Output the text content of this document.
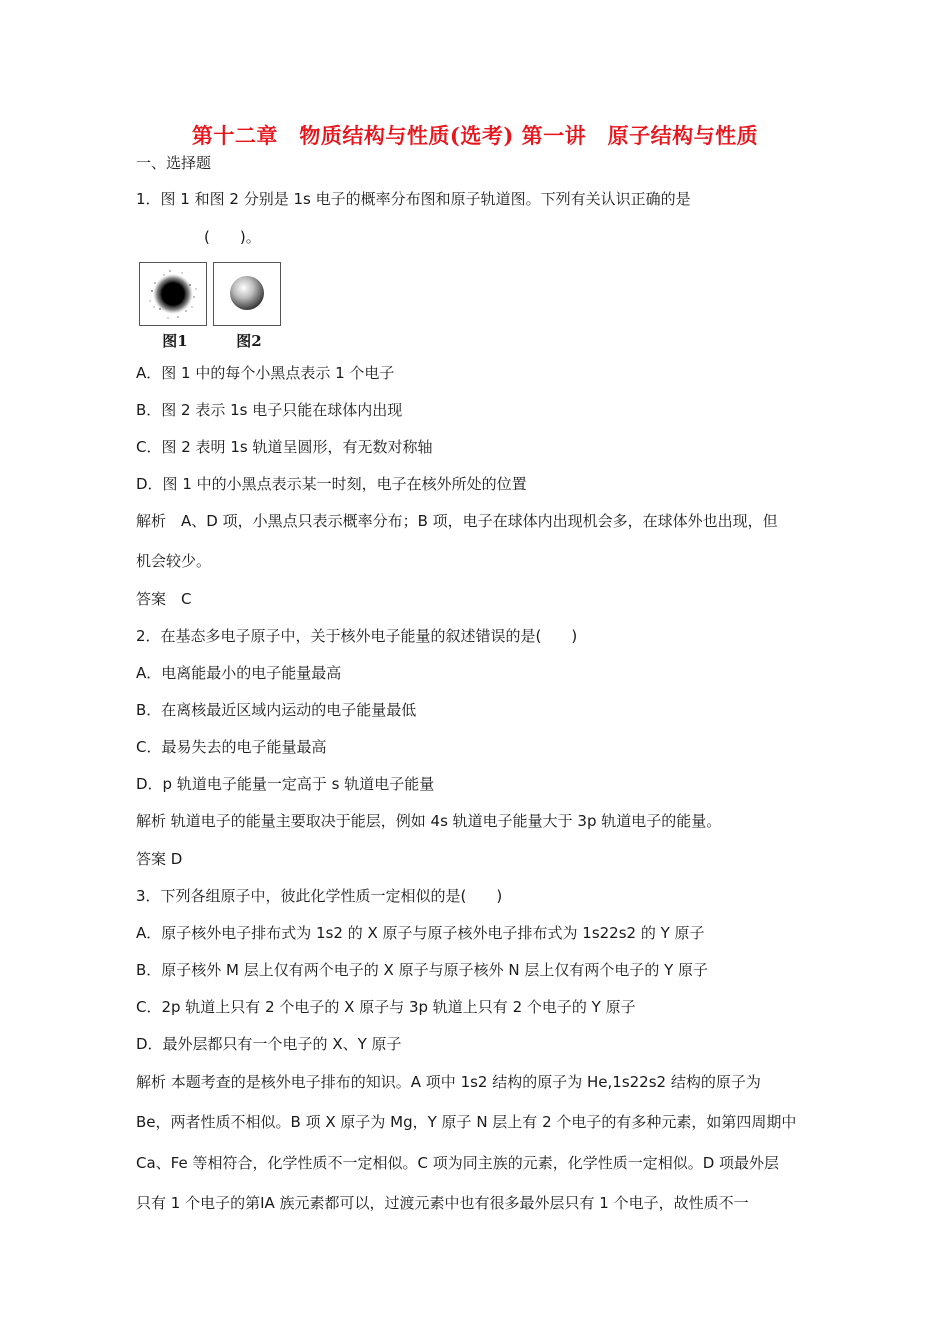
第十二章　物质结构与性质(选考) 第一讲　原子结构与性质
一、选择题
1．图 1 和图 2 分别是 1s 电子的概率分布图和原子轨道图。下列有关认识正确的是
(　　)。
图1	图2
A．图 1 中的每个小黑点表示 1 个电子
B．图 2 表示 1s 电子只能在球体内出现
C．图 2 表明 1s 轨道呈圆形，有无数对称轴
D．图 1 中的小黑点表示某一时刻，电子在核外所处的位置
解析　A、D 项，小黑点只表示概率分布；B 项，电子在球体内出现机会多，在球体外也出现，但
机会较少。
答案　C
2．在基态多电子原子中，关于核外电子能量的叙述错误的是(　　)
A．电离能最小的电子能量最高
B．在离核最近区域内运动的电子能量最低
C．最易失去的电子能量最高
D．p 轨道电子能量一定高于 s 轨道电子能量
解析 轨道电子的能量主要取决于能层，例如 4s 轨道电子能量大于 3p 轨道电子的能量。
答案 D
3．下列各组原子中，彼此化学性质一定相似的是(　　)
A．原子核外电子排布式为 1s2 的 X 原子与原子核外电子排布式为 1s22s2 的 Y 原子
B．原子核外 M 层上仅有两个电子的 X 原子与原子核外 N 层上仅有两个电子的 Y 原子
C．2p 轨道上只有 2 个电子的 X 原子与 3p 轨道上只有 2 个电子的 Y 原子
D．最外层都只有一个电子的 X、Y 原子
解析 本题考查的是核外电子排布的知识。A 项中 1s2 结构的原子为 He,1s22s2 结构的原子为
Be，两者性质不相似。B 项 X 原子为 Mg，Y 原子 N 层上有 2 个电子的有多种元素，如第四周期中
Ca、Fe 等相符合，化学性质不一定相似。C 项为同主族的元素，化学性质一定相似。D 项最外层
只有 1 个电子的第ⅠA 族元素都可以，过渡元素中也有很多最外层只有 1 个电子，故性质不一
